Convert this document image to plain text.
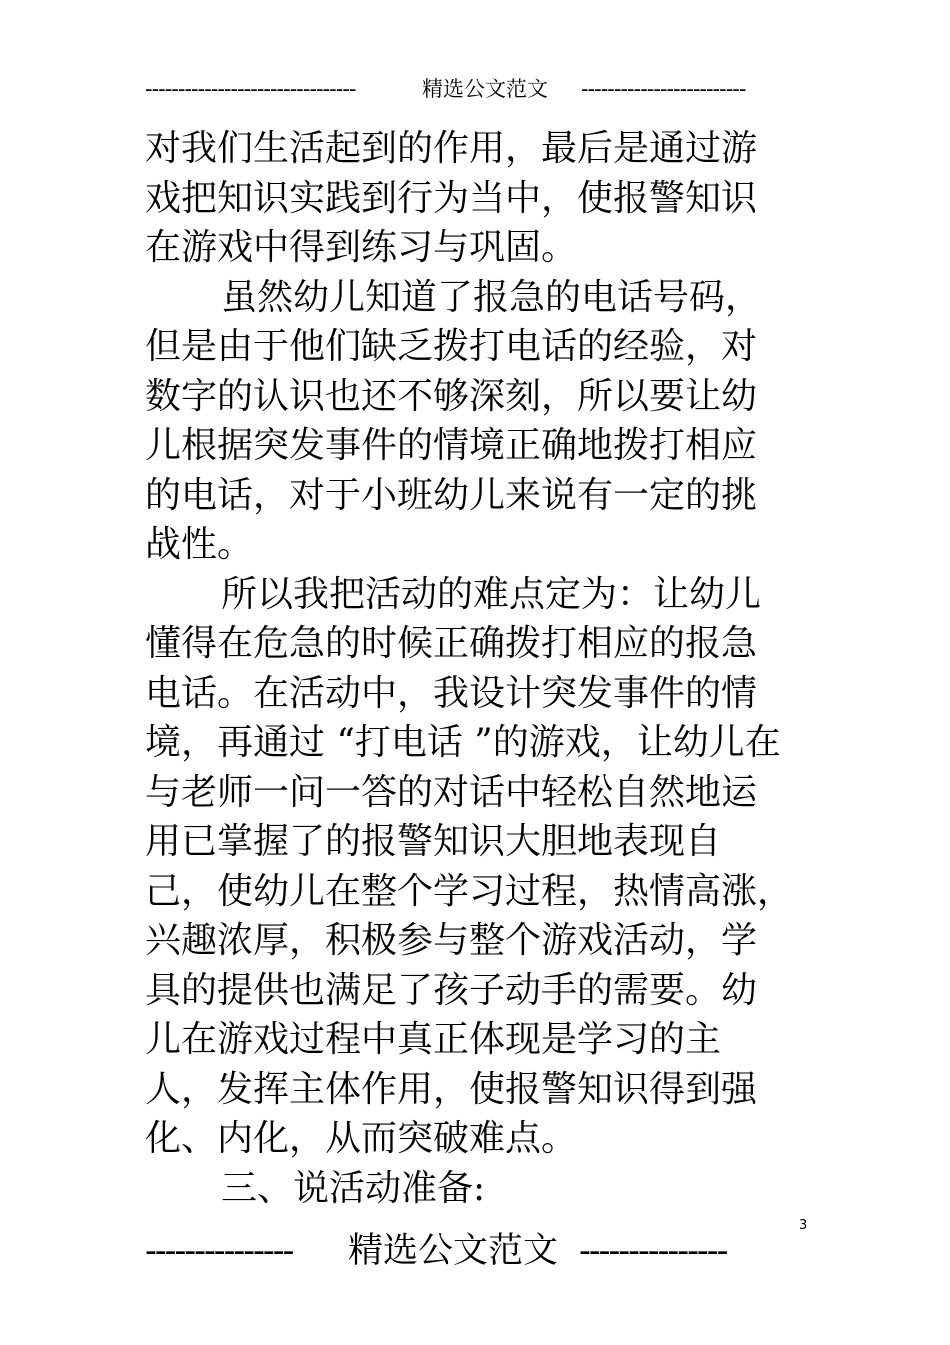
--------------------------------	精选公文范文 -------------------------
对我们生活起到的作用，最后是通过游
戏把知识实践到行为当中，使报警知识
在游戏中得到练习与巩固。
虽然幼儿知道了报急的电话号码，
但是由于他们缺乏拨打电话的经验，对
数字的认识也还不够深刻，所以要让幼
儿根据突发事件的情境正确地拨打相应
的电话，对于小班幼儿来说有一定的挑
战性。
所以我把活动的难点定为：让幼儿
懂得在危急的时候正确拨打相应的报急
电话。在活动中，我设计突发事件的情
境，再通过 “打电话 ”的游戏，让幼儿在
与老师一问一答的对话中轻松自然地运
用已掌握了的报警知识大胆地表现自
己，使幼儿在整个学习过程，热情高涨，
兴趣浓厚，积极参与整个游戏活动，学
具的提供也满足了孩子动手的需要。幼
儿在游戏过程中真正体现是学习的主
人，发挥主体作用，使报警知识得到强
化、内化，从而突破难点。
三、说活动准备:
3
--------------- 精选公文范文 ---------------
